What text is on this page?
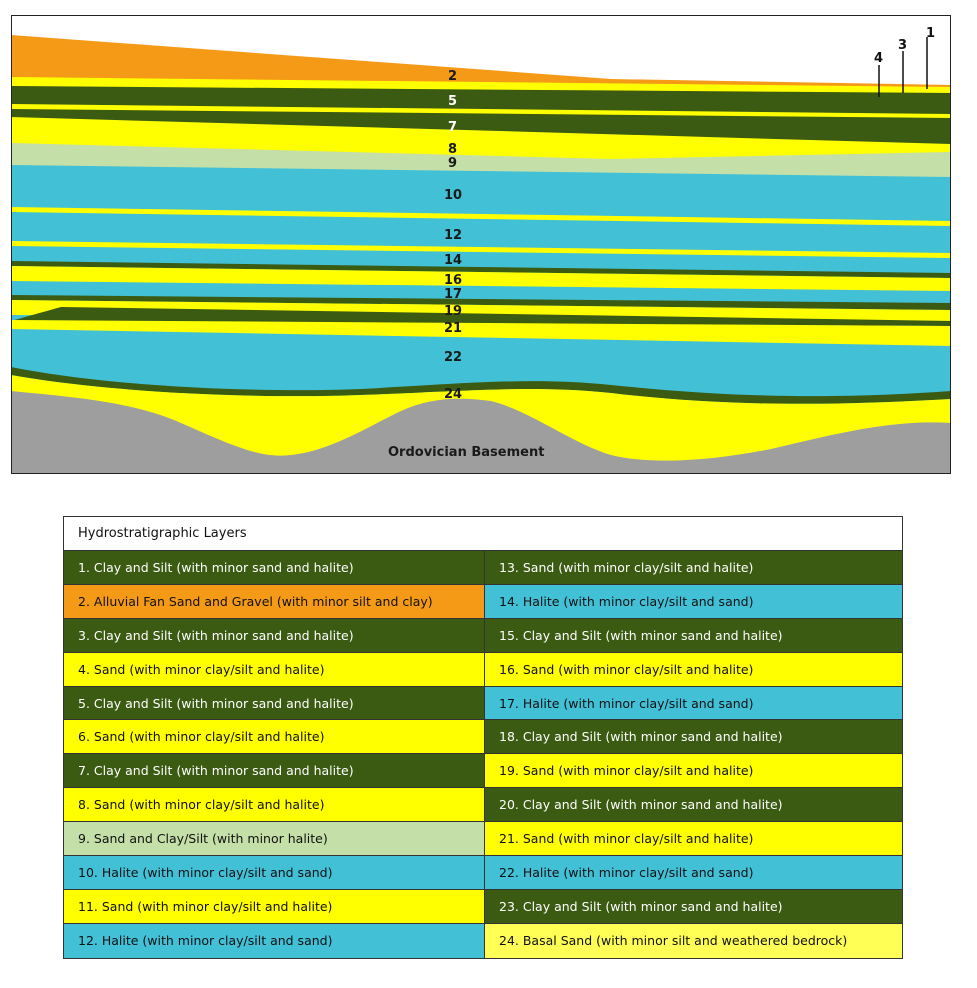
1
2
3
4
5
7
8
9
10
12
14
16
17
19
21
22
24
Ordovician Basement
Hydrostratigraphic Layers
1. Clay and Silt (with minor sand and halite)	13. Sand (with minor clay/silt and halite)
2. Alluvial Fan Sand and Gravel (with minor silt and clay)	14. Halite (with minor clay/silt and sand)
3. Clay and Silt (with minor sand and halite)	15. Clay and Silt (with minor sand and halite)
4. Sand (with minor clay/silt and halite)	16. Sand (with minor clay/silt and halite)
5. Clay and Silt (with minor sand and halite)	17. Halite (with minor clay/silt and sand)
6. Sand (with minor clay/silt and halite)	18. Clay and Silt (with minor sand and halite)
7. Clay and Silt (with minor sand and halite)	19. Sand (with minor clay/silt and halite)
8. Sand (with minor clay/silt and halite)	20. Clay and Silt (with minor sand and halite)
9. Sand and Clay/Silt (with minor halite)	21. Sand (with minor clay/silt and halite)
10. Halite (with minor clay/silt and sand)	22. Halite (with minor clay/silt and sand)
11. Sand (with minor clay/silt and halite)	23. Clay and Silt (with minor sand and halite)
12. Halite (with minor clay/silt and sand)	24. Basal Sand (with minor silt and weathered bedrock)
